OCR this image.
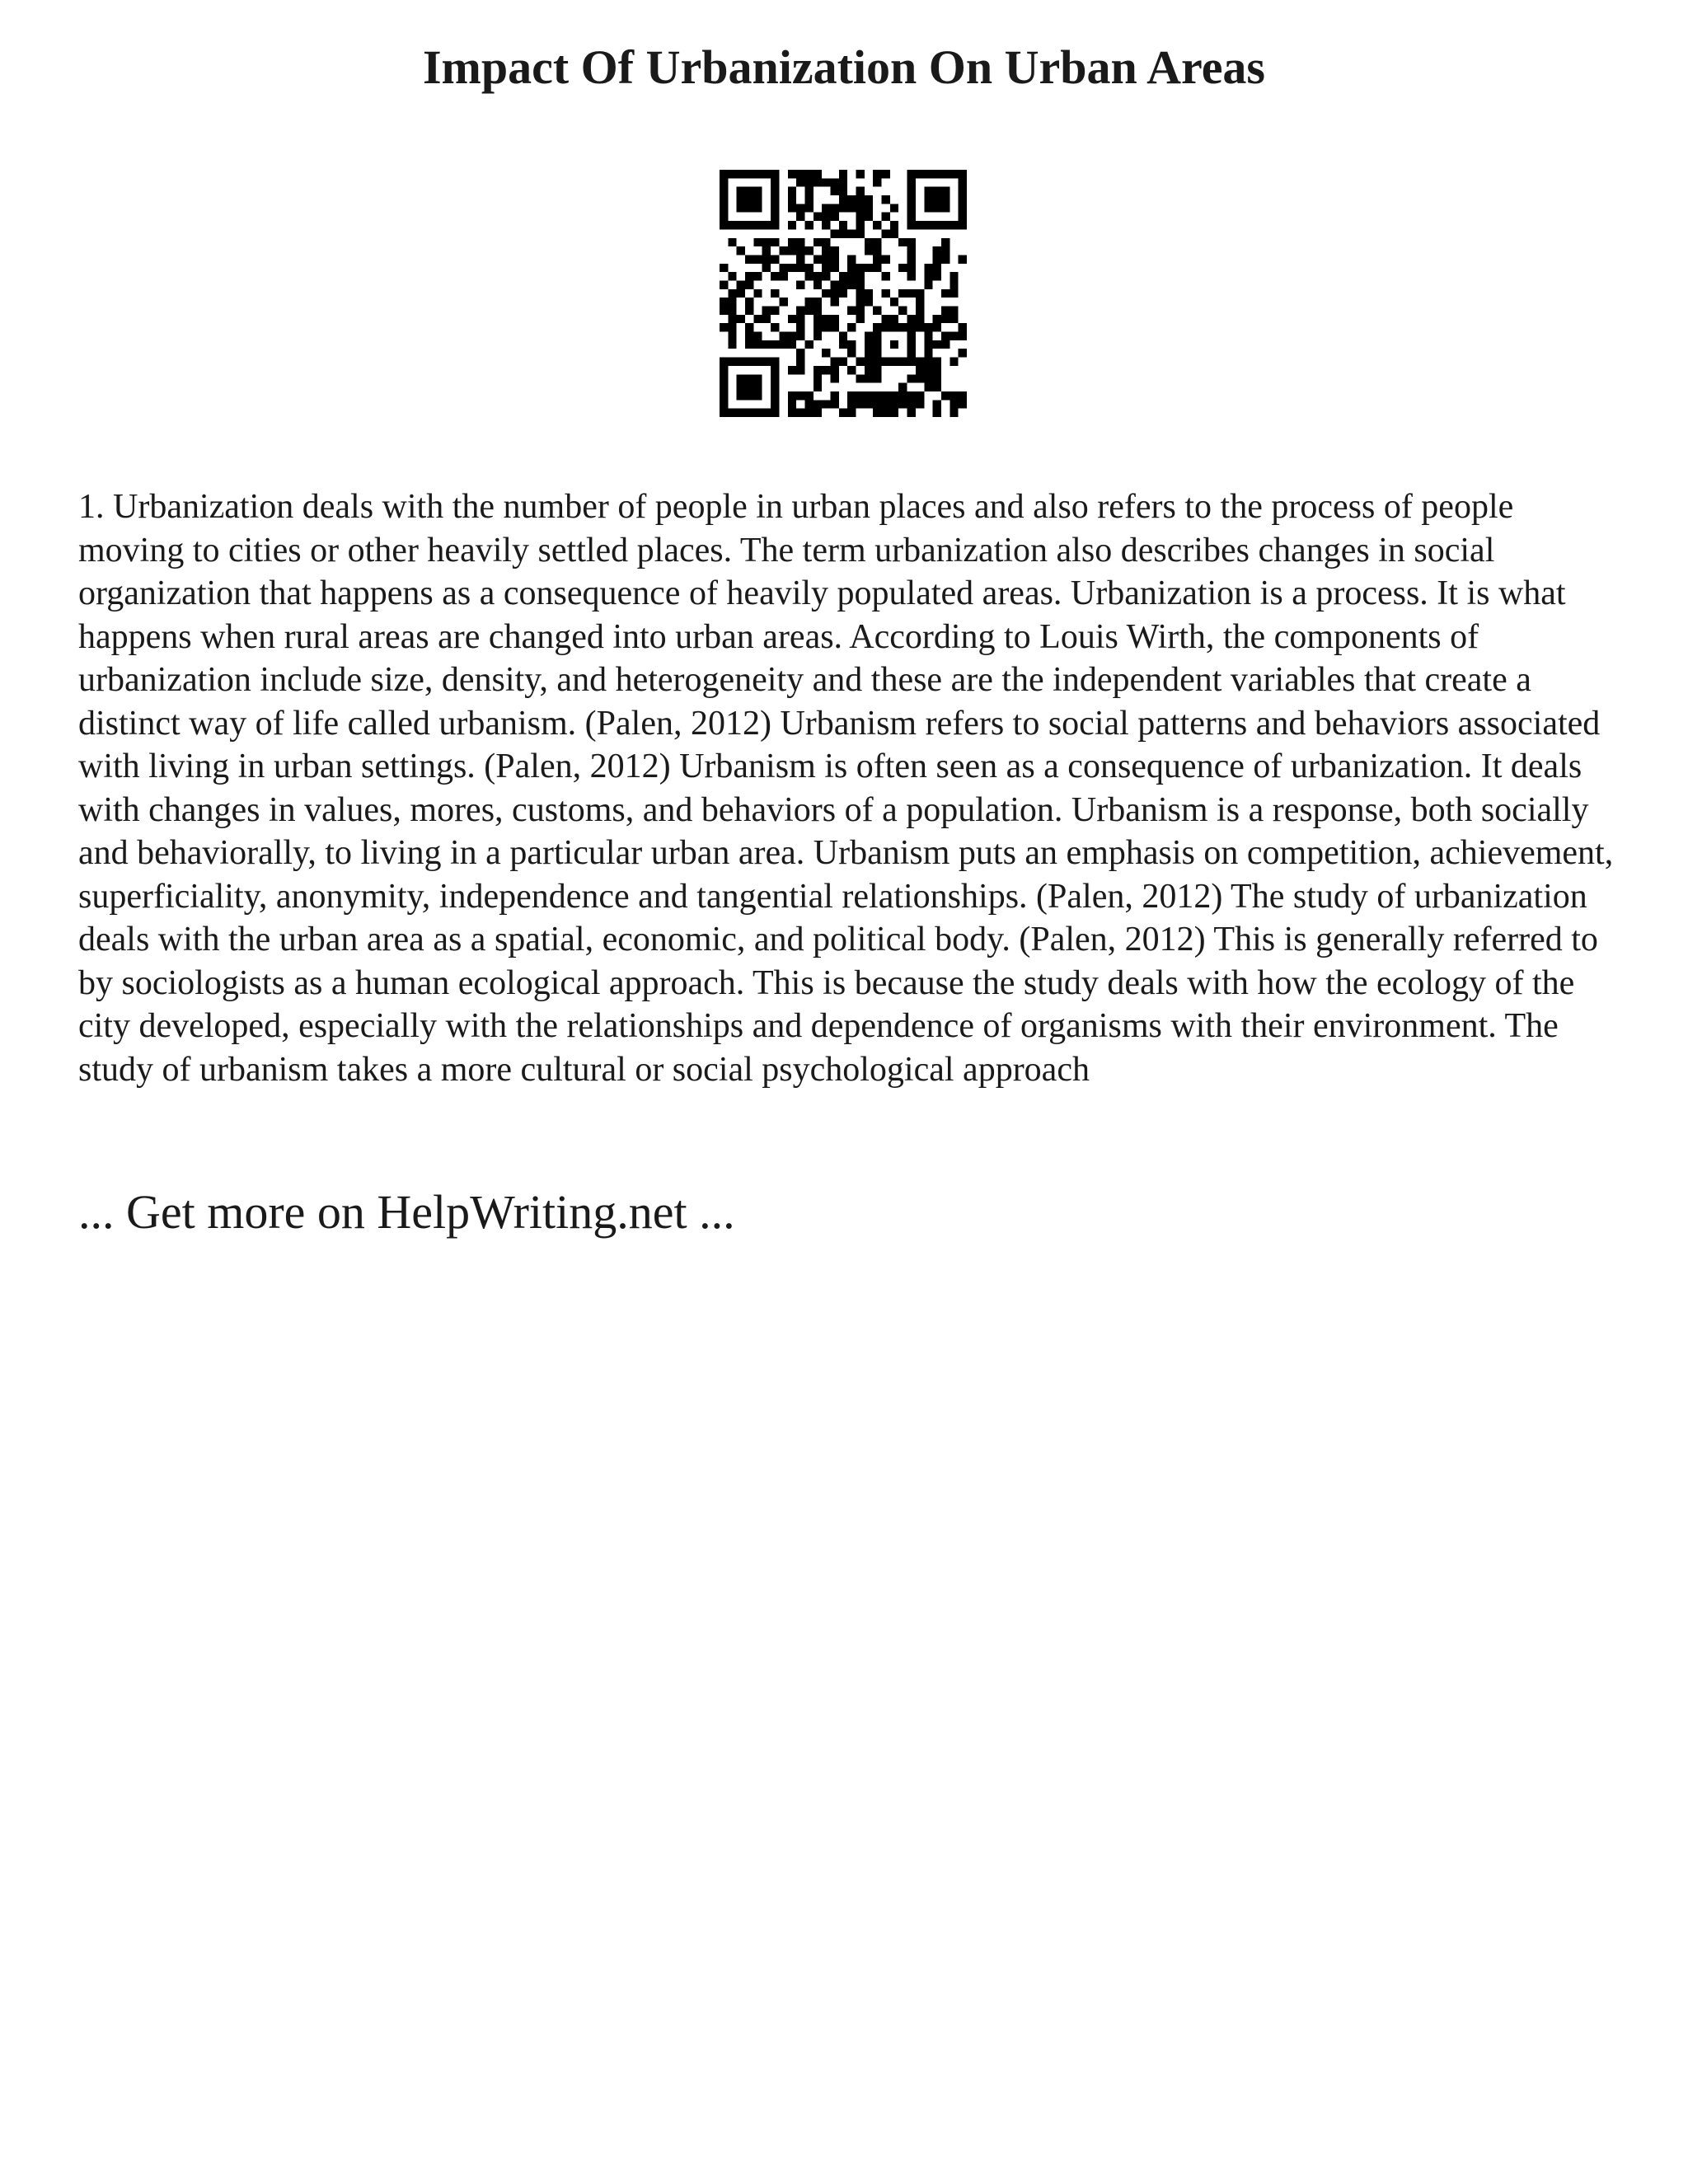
Impact Of Urbanization On Urban Areas

1. Urbanization deals with the number of people in urban places and also refers to the process of people moving to cities or other heavily settled places. The term urbanization also describes changes in social organization that happens as a consequence of heavily populated areas. Urbanization is a process. It is what happens when rural areas are changed into urban areas. According to Louis Wirth, the components of urbanization include size, density, and heterogeneity and these are the independent variables that create a distinct way of life called urbanism. (Palen, 2012) Urbanism refers to social patterns and behaviors associated with living in urban settings. (Palen, 2012) Urbanism is often seen as a consequence of urbanization. It deals with changes in values, mores, customs, and behaviors of a population. Urbanism is a response, both socially and behaviorally, to living in a particular urban area. Urbanism puts an emphasis on competition, achievement, superficiality, anonymity, independence and tangential relationships. (Palen, 2012) The study of urbanization deals with the urban area as a spatial, economic, and political body. (Palen, 2012) This is generally referred to by sociologists as a human ecological approach. This is because the study deals with how the ecology of the city developed, especially with the relationships and dependence of organisms with their environment. The study of urbanism takes a more cultural or social psychological approach

... Get more on HelpWriting.net ...
